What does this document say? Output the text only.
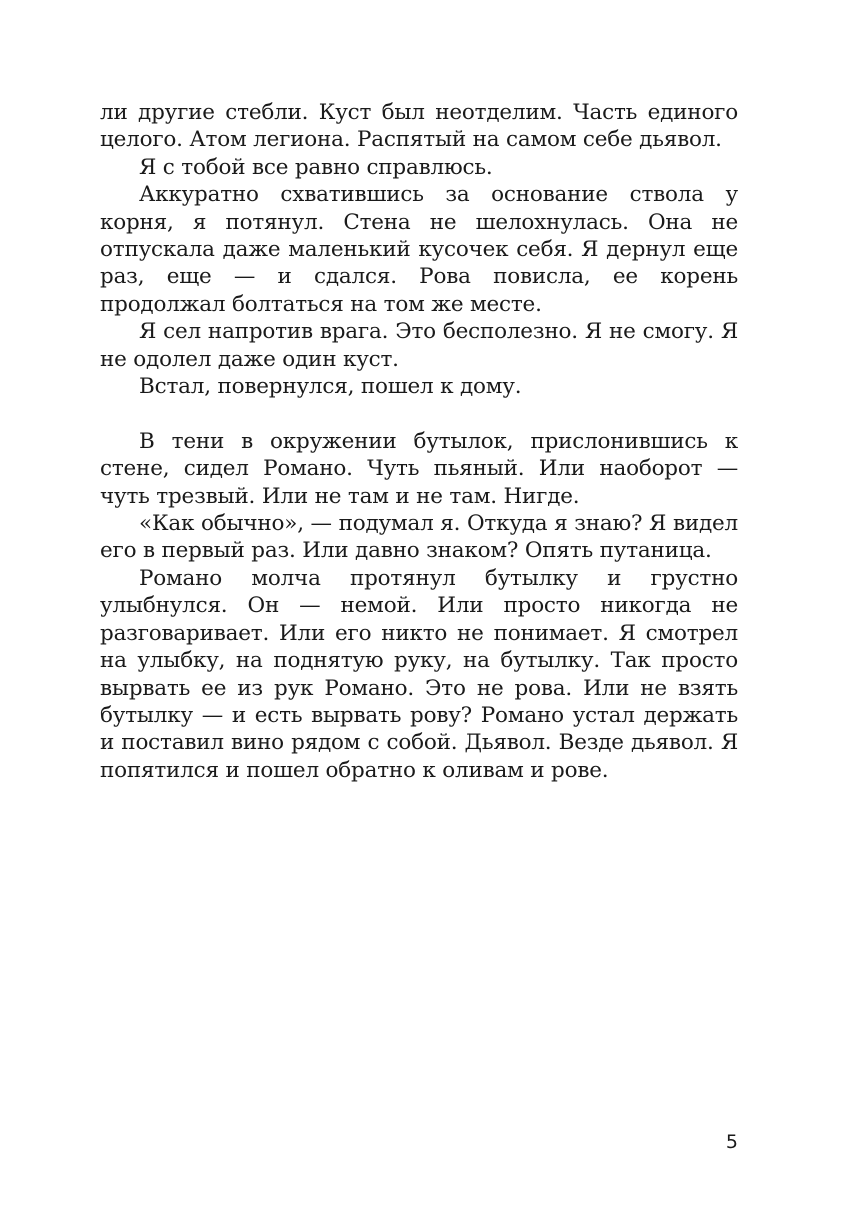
ли другие стебли. Куст был неотделим. Часть единого целого. Атом легиона. Распятый на самом себе дьявол.

Я с тобой все равно справлюсь.

Аккуратно схватившись за основание ствола у корня, я потянул. Стена не шелохнулась. Она не отпускала даже маленький кусочек себя. Я дернул еще раз, еще — и сдался. Рова повисла, ее корень продолжал болтаться на том же месте.

Я сел напротив врага. Это бесполезно. Я не смогу. Я не одолел даже один куст.

Встал, повернулся, пошел к дому.

В тени в окружении бутылок, прислонившись к стене, сидел Романо. Чуть пьяный. Или наоборот — чуть трезвый. Или не там и не там. Нигде.

«Как обычно», — подумал я. Откуда я знаю? Я видел его в первый раз. Или давно знаком? Опять путаница.

Романо молча протянул бутылку и грустно улыбнулся. Он — немой. Или просто никогда не разговаривает. Или его никто не понимает. Я смотрел на улыбку, на поднятую руку, на бутылку. Так просто вырвать ее из рук Романо. Это не рова. Или не взять бутылку — и есть вырвать рову? Романо устал держать и поставил вино рядом с собой. Дьявол. Везде дьявол. Я попятился и пошел обратно к оливам и рове.

5
